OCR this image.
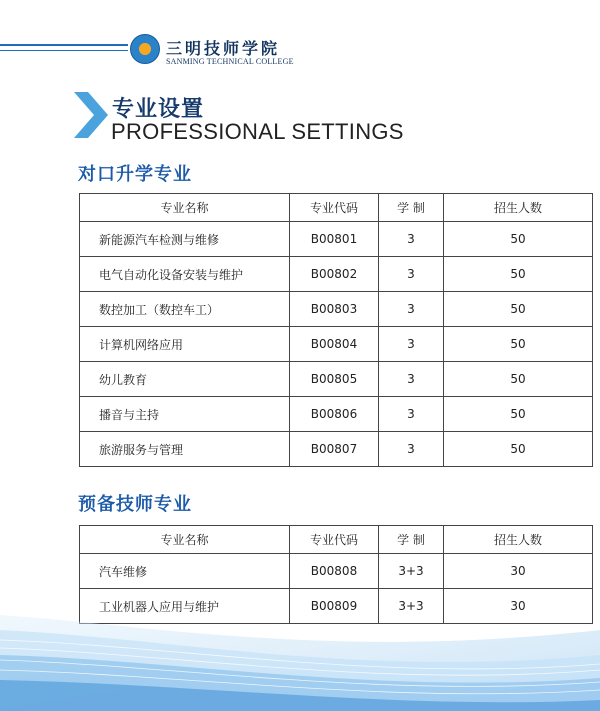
三明技师学院
SANMING TECHNICAL COLLEGE
专业设置
PROFESSIONAL SETTINGS
对口升学专业
专业名称	专业代码	学 制	招生人数
新能源汽车检测与维修	B00801	3	50
电气自动化设备安装与维护	B00802	3	50
数控加工（数控车工）	B00803	3	50
计算机网络应用	B00804	3	50
幼儿教育	B00805	3	50
播音与主持	B00806	3	50
旅游服务与管理	B00807	3	50
预备技师专业
专业名称	专业代码	学 制	招生人数
汽车维修	B00808	3+3	30
工业机器人应用与维护	B00809	3+3	30
